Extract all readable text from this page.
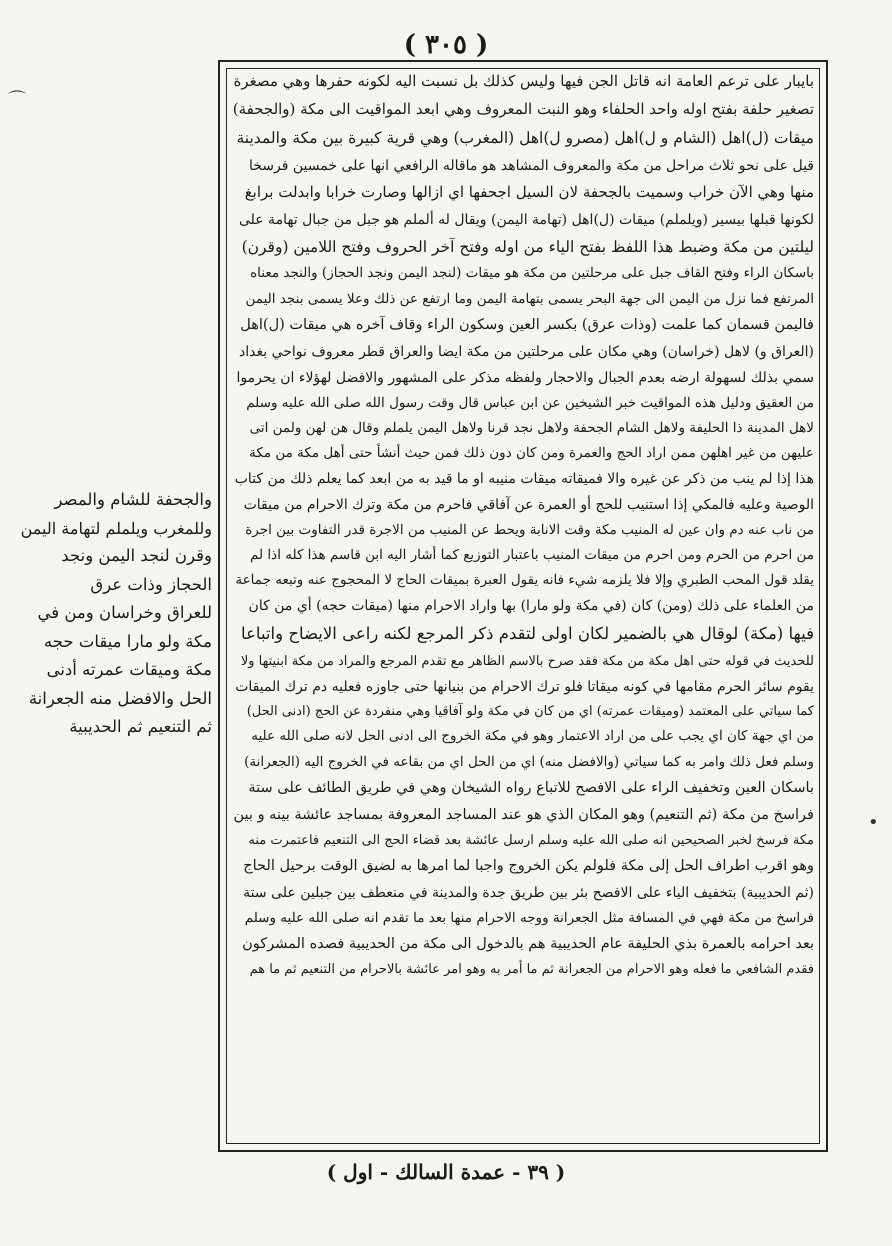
( ٣٠٥ )
بايبار على ترعم العامة انه قاتل الجن فيها وليس كذلك بل نسبت اليه لكونه حفرها وهي مصغرة
تصغير حلفة بفتح اوله واحد الحلفاء وهو النبت المعروف وهي ابعد المواقيت الى مكة (والجحفة)
ميقات (ل)اهل (الشام و ل)اهل (مصرو ل)اهل (المغرب) وهي قرية كبيرة بين مكة والمدينة
قيل على نحو ثلاث مراحل من مكة والمعروف المشاهد هو ماقاله الرافعي انها على خمسين فرسخا
منها وهي الآن خراب وسميت بالجحفة لان السيل اجحفها اي ازالها وصارت خرابا وابدلت برابغ
لكونها قبلها بيسير (ويلملم) ميقات (ل)اهل (تهامة اليمن) ويقال له ألملم هو جبل من جبال تهامة على
ليلتين من مكة وضبط هذا اللفظ بفتح الياء من اوله وفتح آخر الحروف وفتح اللامين (وقرن)
باسكان الراء وفتح القاف جبل على مرحلتين من مكة هو ميقات (لنجد اليمن ونجد الحجاز) والنجد معناه
المرتفع فما نزل من اليمن الى جهة البحر يسمى بتهامة اليمن وما ارتفع عن ذلك وعلا يسمى بنجد اليمن
فاليمن قسمان كما علمت (وذات عرق) بكسر العين وسكون الراء وقاف آخره هي ميقات (ل)اهل
(العراق و) لاهل (خراسان) وهي مكان على مرحلتين من مكة ايضا والعراق قطر معروف نواحي بغداد
سمي بذلك لسهولة ارضه بعدم الجبال والاحجار ولفظه مذكر على المشهور والافضل لهؤلاء ان يحرموا
من العقيق ودليل هذه المواقيت خبر الشيخين عن ابن عباس قال وقت رسول الله صلى الله عليه وسلم
لاهل المدينة ذا الحليفة ولاهل الشام الجحفة ولاهل نجد قرنا ولاهل اليمن يلملم وقال هن لهن ولمن اتى
عليهن من غير اهلهن ممن اراد الحج والعمرة ومن كان دون ذلك فمن حيث أنشأ حتى أهل مكة من مكة
هذا إذا لم ينب من ذكر عن غيره والا فميقاته ميقات منيبه او ما قيد به من ابعد كما يعلم ذلك من كتاب
الوصية وعليه فالمكي إذا استنيب للحج أو العمرة عن آفاقي فاحرم من مكة وترك الاحرام من ميقات
من ناب عنه دم وان عين له المنيب مكة وقت الانابة ويحط عن المنيب من الاجرة قدر التفاوت بين اجرة
من احرم من الحرم ومن احرم من ميقات المنيب باعتبار التوزيع كما أشار اليه ابن قاسم هذا كله اذا لم
يقلد قول المحب الطبري وإلا فلا يلزمه شيء فانه يقول العبرة بميقات الحاج لا المحجوج عنه وتبعه جماعة
من العلماء على ذلك (ومن) كان (في مكة ولو مارا) بها واراد الاحرام منها (ميقات حجه) أي من كان
فيها (مكة) لوقال هي بالضمير لكان اولى لتقدم ذكر المرجع لكنه راعى الايضاح واتباعا
للحديث في قوله حتى اهل مكة من مكة فقد صرح بالاسم الظاهر مع تقدم المرجع والمراد من مكة ابنيتها ولا
يقوم سائر الحرم مقامها في كونه ميقاتا فلو ترك الاحرام من بنيانها حتى جاوزه فعليه دم ترك الميقات
كما سياتي على المعتمد (وميقات عمرته) اي من كان في مكة ولو آفاقيا وهي منفردة عن الحج (ادنى الحل)
من اي جهة كان اي يجب على من اراد الاعتمار وهو في مكة الخروج الى ادنى الحل لانه صلى الله عليه
وسلم فعل ذلك وامر به كما سياتي (والافضل منه) اي من الحل اي من بقاعه في الخروج اليه (الجعرانة)
باسكان العين وتخفيف الراء على الافصح للاتباع رواه الشيخان وهي في طريق الطائف على ستة
فراسخ من مكة (ثم التنعيم) وهو المكان الذي هو عند المساجد المعروفة بمساجد عائشة بينه و بين
مكة فرسخ لخبر الصحيحين انه صلى الله عليه وسلم ارسل عائشة بعد قضاء الحج الى التنعيم فاعتمرت منه
وهو اقرب اطراف الحل إلى مكة فلولم يكن الخروج واجبا لما امرها به لضيق الوقت برحيل الحاج
(ثم الحديبية) بتخفيف الياء على الافصح بئر بين طريق جدة والمدينة في منعطف بين جبلين على ستة
فراسخ من مكة فهي في المسافة مثل الجعرانة ووجه الاحرام منها بعد ما تقدم انه صلى الله عليه وسلم
بعد احرامه بالعمرة بذي الحليفة عام الحديبية هم بالدخول الى مكة من الحديبية فصده المشركون
فقدم الشافعي ما فعله وهو الاحرام من الجعرانة ثم ما أمر به وهو امر عائشة بالاحرام من التنعيم ثم ما هم
والجحفة للشام والمصر
وللمغرب ويلملم لتهامة اليمن
وقرن لنجد اليمن ونجد
الحجاز وذات عرق
للعراق وخراسان ومن في
مكة ولو مارا ميقات حجه
مكة وميقات عمرته أدنى
الحل والافضل منه الجعرانة
ثم التنعيم ثم الحديبية
( ٣٩ - عمدة السالك - اول )
⌒
•
